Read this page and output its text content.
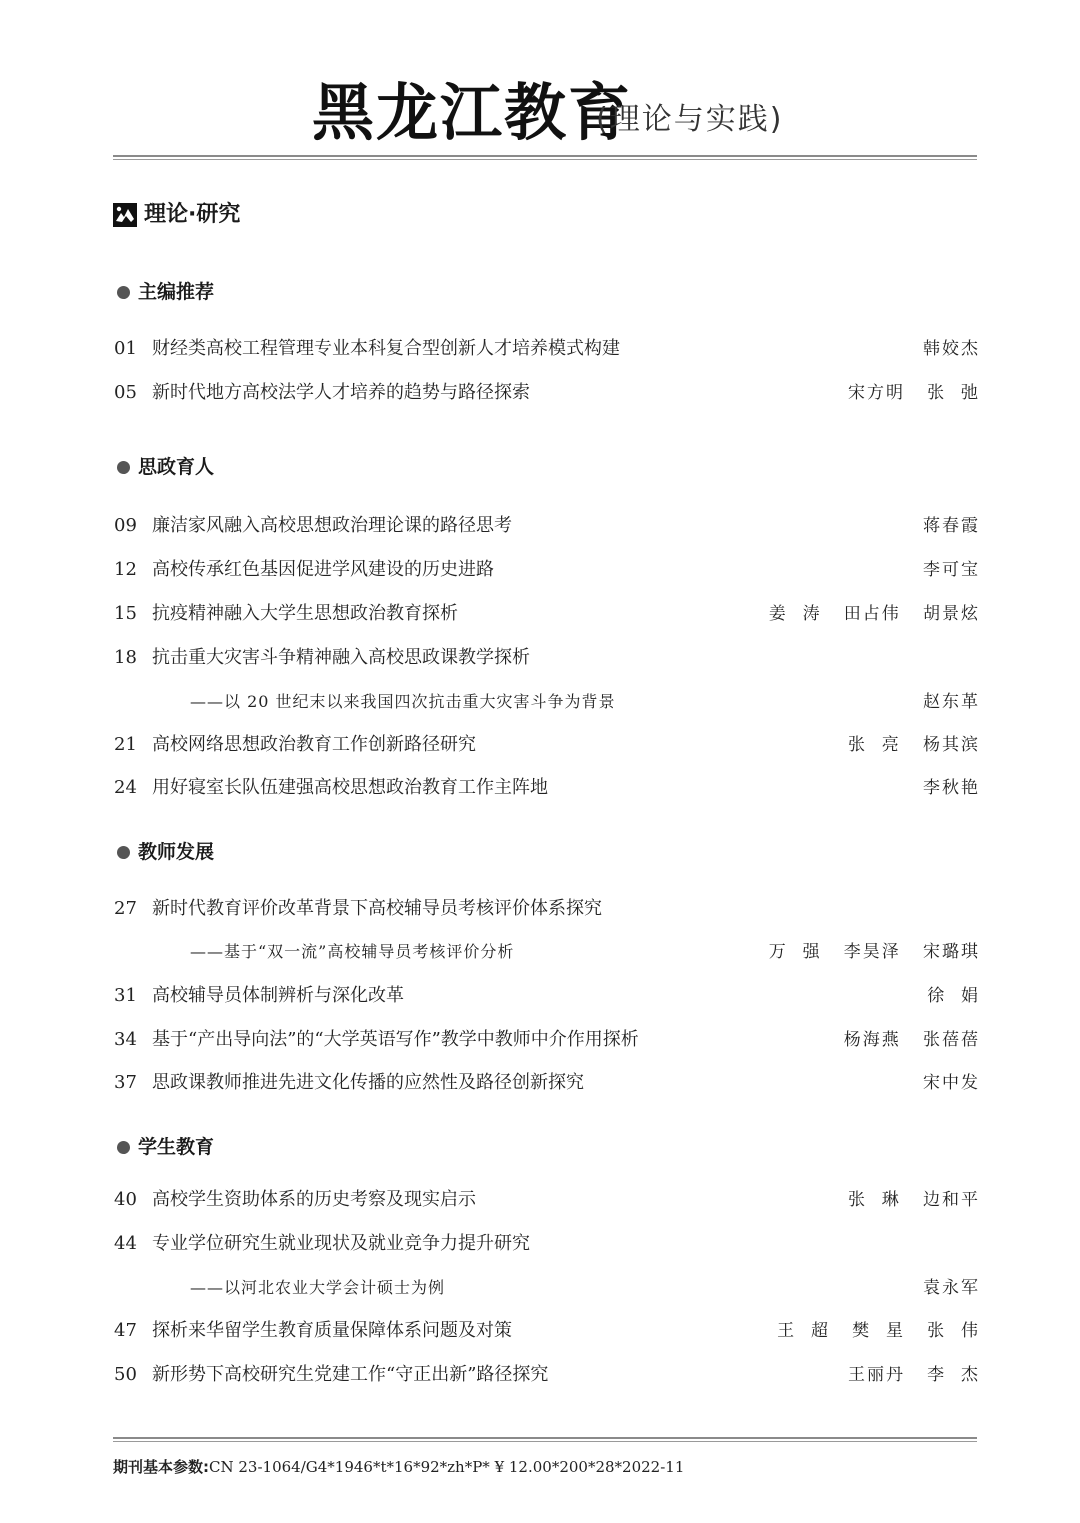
黑龙江教育
(理论与实践)
理论·研究
主编推荐
01 财经类高校工程管理专业本科复合型创新人才培养模式构建	韩姣杰
05 新时代地方高校法学人才培养的趋势与路径探索	宋方明   张  弛
思政育人
09 廉洁家风融入高校思想政治理论课的路径思考	蒋春霞
12 高校传承红色基因促进学风建设的历史进路	李可宝
15 抗疫精神融入大学生思想政治教育探析	姜  涛   田占伟   胡景炫
18 抗击重大灾害斗争精神融入高校思政课教学探析
——以 20 世纪末以来我国四次抗击重大灾害斗争为背景	赵东革
21 高校网络思想政治教育工作创新路径研究	张  亮   杨其滨
24 用好寝室长队伍建强高校思想政治教育工作主阵地	李秋艳
教师发展
27 新时代教育评价改革背景下高校辅导员考核评价体系探究
——基于“双一流”高校辅导员考核评价分析	万  强   李昊泽   宋璐琪
31 高校辅导员体制辨析与深化改革	徐  娟
34 基于“产出导向法”的“大学英语写作”教学中教师中介作用探析	杨海燕   张蓓蓓
37 思政课教师推进先进文化传播的应然性及路径创新探究	宋中发
学生教育
40 高校学生资助体系的历史考察及现实启示	张  琳   边和平
44 专业学位研究生就业现状及就业竞争力提升研究
——以河北农业大学会计硕士为例	袁永军
47 探析来华留学生教育质量保障体系问题及对策	王  超   樊  星   张  伟
50 新形势下高校研究生党建工作“守正出新”路径探究	王丽丹   李  杰
期刊基本参数:CN 23-1064/G4*1946*t*16*92*zh*P* ¥ 12.00*200*28*2022-11
